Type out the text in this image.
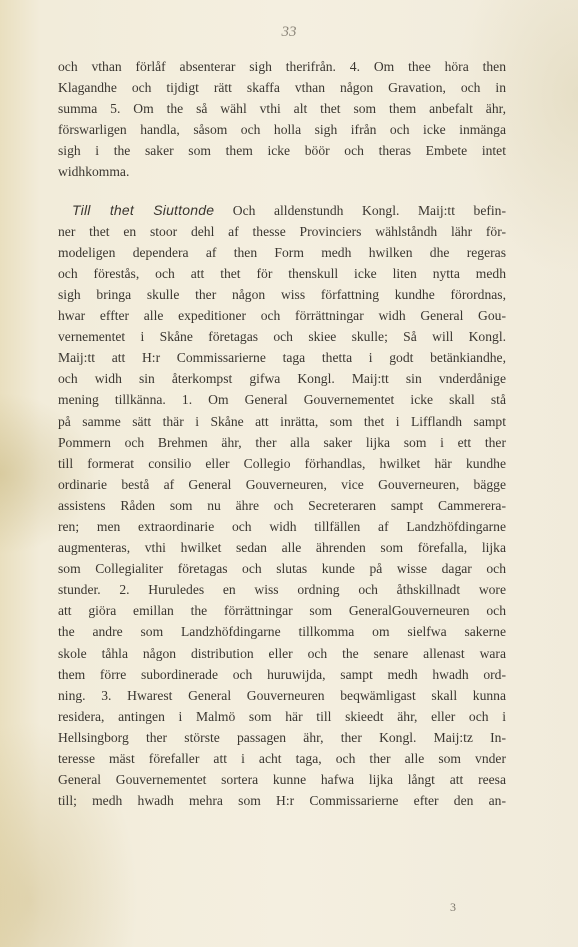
33

och vthan förlåf absenterar sigh therifrån. 4. Om thee höra then
Klagandhe och tijdigt rätt skaffa vthan någon Gravation, och in
summa 5. Om the så wähl vthi alt thet som them anbefalt ähr,
förswarligen handla, såsom och holla sigh ifrån och icke inmänga
sigh i the saker som them icke böör och theras Embete intet
widhkomma.

Till thet Siuttonde Och alldenstundh Kongl. Maij:tt befin-
ner thet en stoor dehl af thesse Provinciers wählståndh lähr för-
modeligen dependera af then Form medh hwilken dhe regeras
och förestås, och att thet för thenskull icke liten nytta medh
sigh bringa skulle ther någon wiss författning kundhe förordnas,
hwar effter alle expeditioner och förrättningar widh General Gou-
vernementet i Skåne företagas och skiee skulle; Så will Kongl.
Maij:tt att H:r Commissarierne taga thetta i godt betänkiandhe,
och widh sin återkompst gifwa Kongl. Maij:tt sin vnderdånige
mening tillkänna. 1. Om General Gouvernementet icke skall stå
på samme sätt thär i Skåne att inrätta, som thet i Lifflandh sampt
Pommern och Brehmen ähr, ther alla saker lijka som i ett ther
till formerat consilio eller Collegio förhandlas, hwilket här kundhe
ordinarie bestå af General Gouverneuren, vice Gouverneuren, bägge
assistens Råden som nu ähre och Secreteraren sampt Cammerera-
ren; men extraordinarie och widh tillfällen af Landzhöfdingarne
augmenteras, vthi hwilket sedan alle ährenden som förefalla, lijka
som Collegialiter företagas och slutas kunde på wisse dagar och
stunder. 2. Huruledes en wiss ordning och åthskillnadt wore
att giöra emillan the förrättningar som GeneralGouverneuren och
the andre som Landzhöfdingarne tillkomma om sielfwa sakerne
skole tåhla någon distribution eller och the senare allenast wara
them förre subordinerade och huruwijda, sampt medh hwadh ord-
ning. 3. Hwarest General Gouverneuren beqwämligast skall kunna
residera, antingen i Malmö som här till skieedt ähr, eller och i
Hellsingborg ther störste passagen ähr, ther Kongl. Maij:tz In-
teresse mäst förefaller att i acht taga, och ther alle som vnder
General Gouvernementet sortera kunne hafwa lijka långt att reesa
till; medh hwadh mehra som H:r Commissarierne efter den an-

3
